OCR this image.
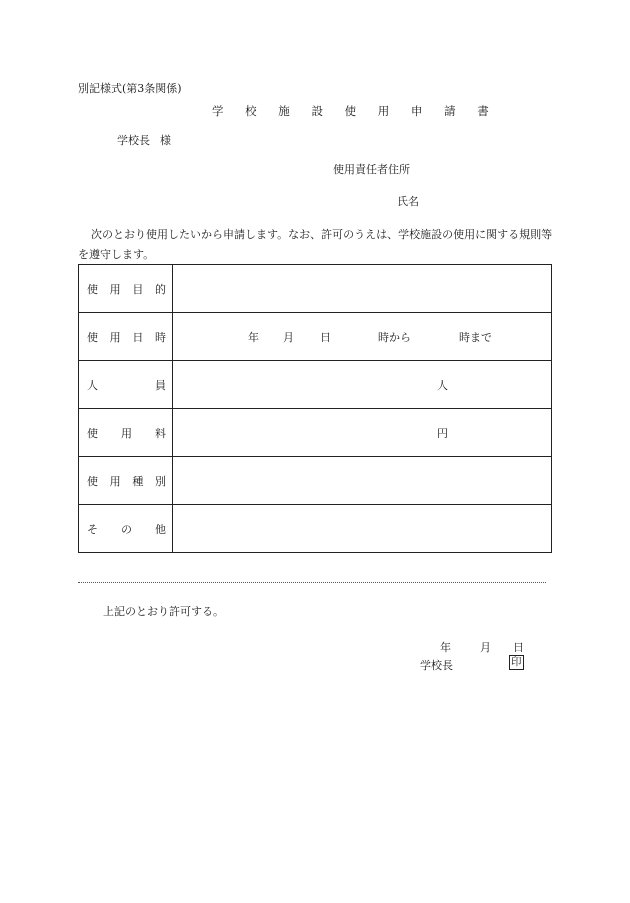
別記様式(第3条関係)
学 校 施 設 使 用 申 請 書
学校長 様
使用責任者住所
氏名
次のとおり使用したいから申請します。なお、許可のうえは、学校施設の使用に関する規則等を遵守します。
使用目的	

使用日時	年 月 日 時から 時まで

人員	人

使用料	円

使用種別	

その他	

上記のとおり許可する。
年	月 日
学校長	印
